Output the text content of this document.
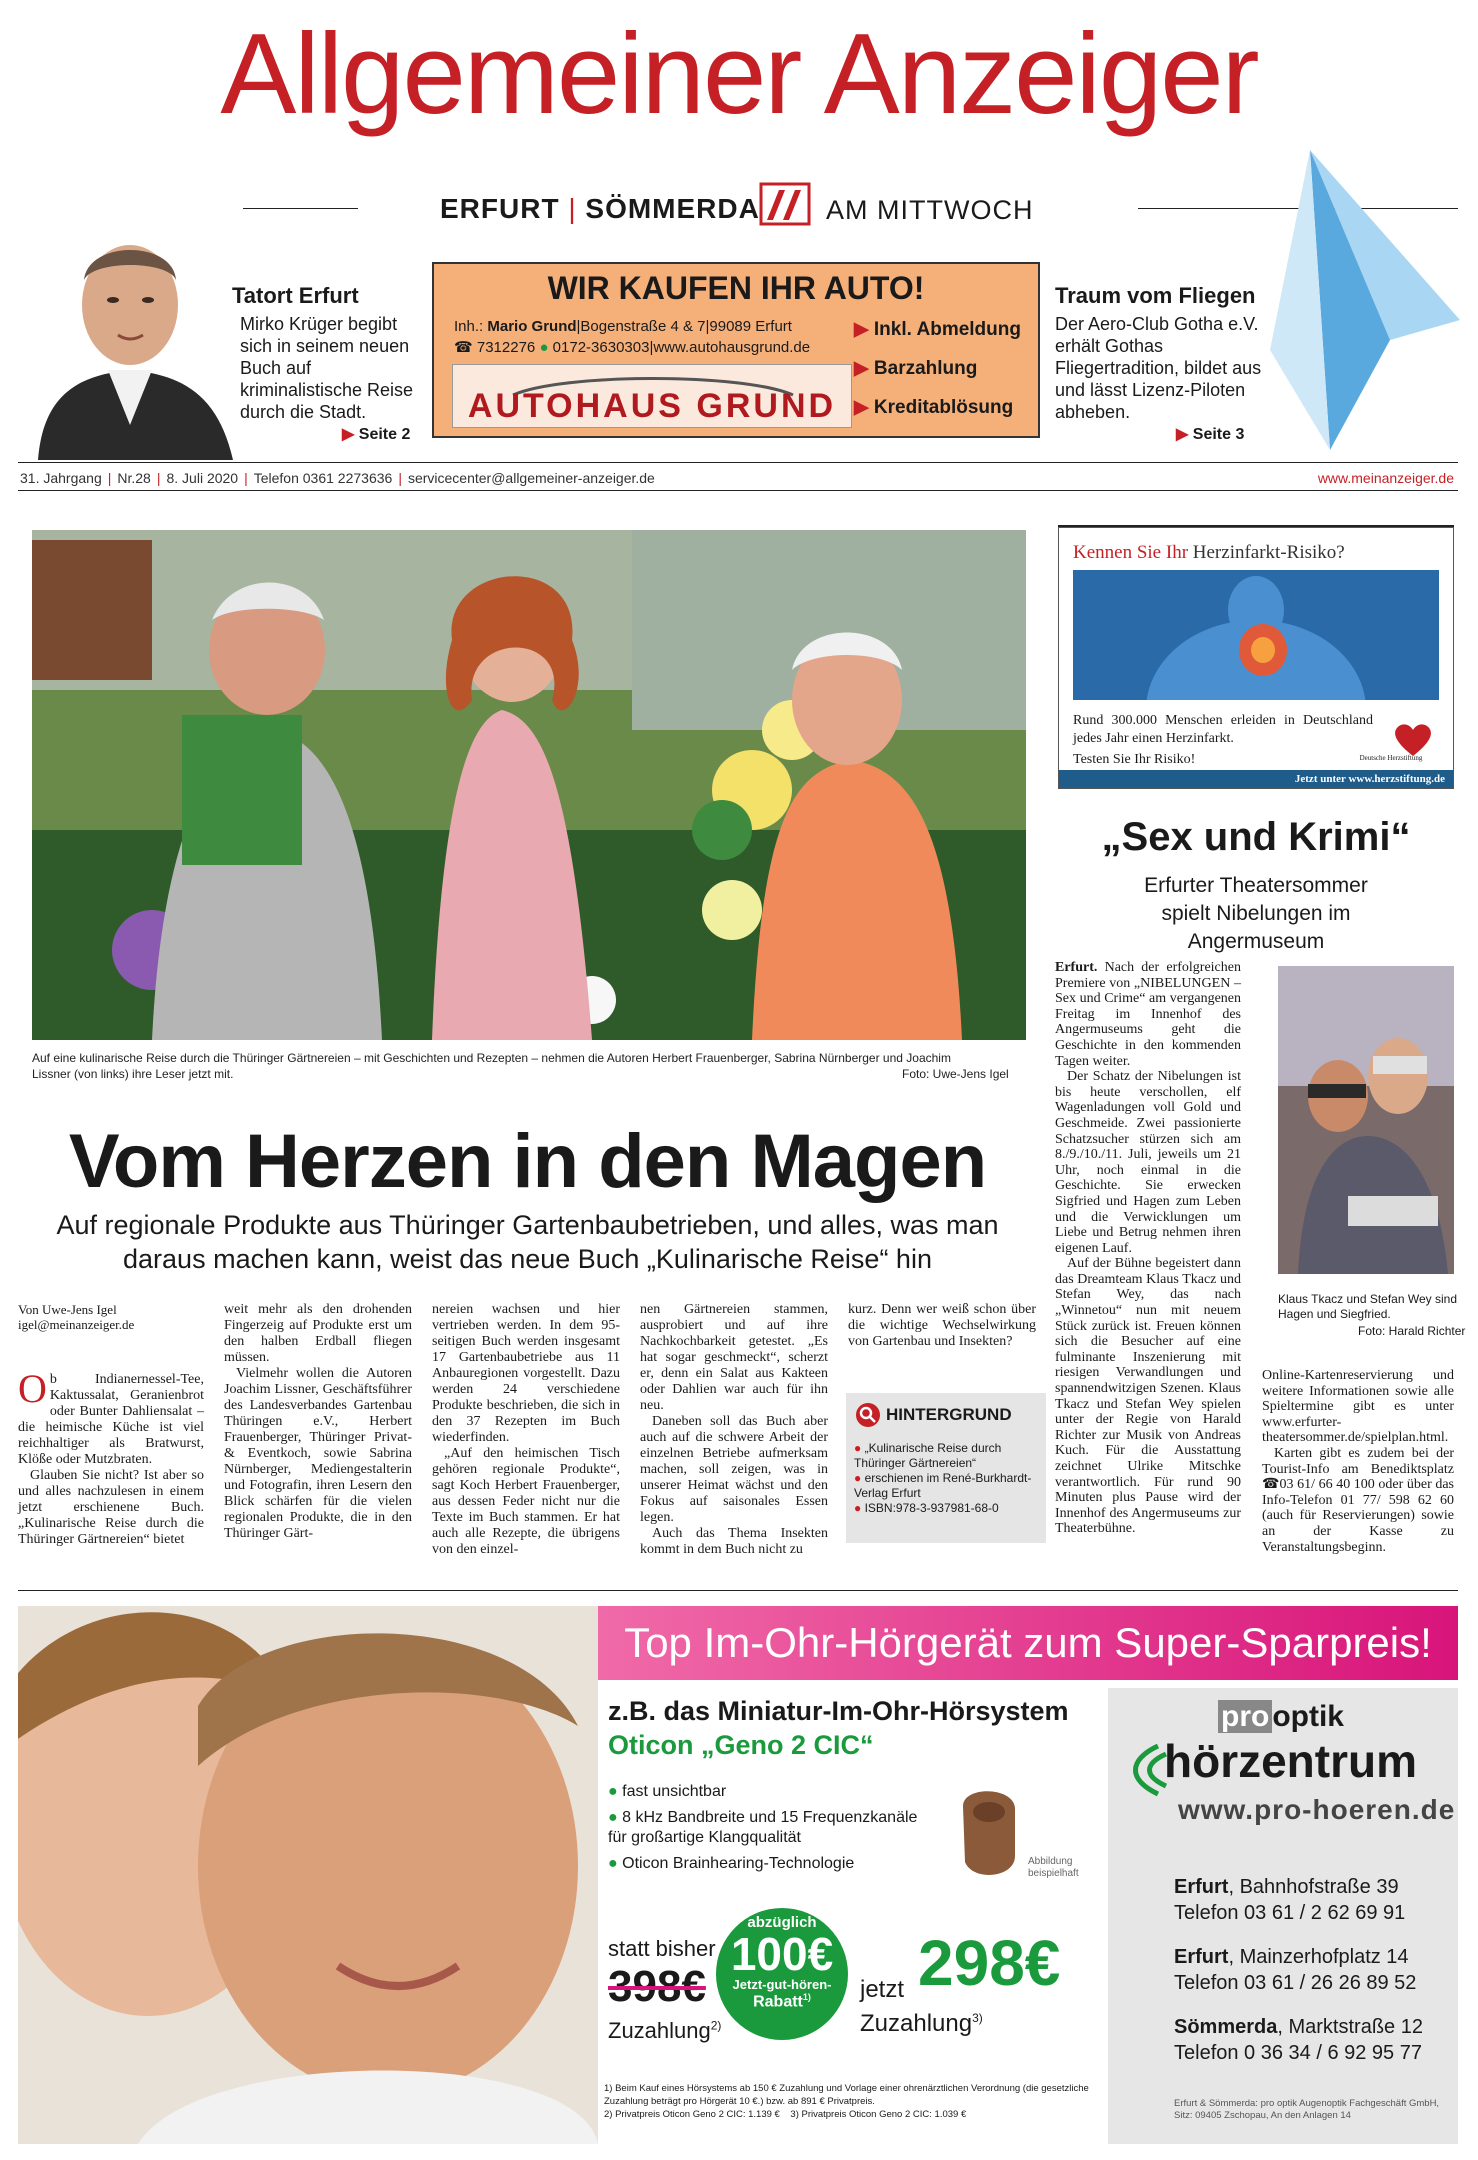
Allgemeiner Anzeiger
ERFURT | SÖMMERDA AM MITTWOCH
Tatort Erfurt
Mirko Krüger begibt sich in seinem neuen Buch auf kriminalistische Reise durch die Stadt.
▶ Seite 2
WIR KAUFEN IHR AUTO!
Inh.: Mario Grund|Bogenstraße 4 & 7|99089 Erfurt
☎ 7312276 ● 0172-3630303|www.autohausgrund.de
AUTOHAUS GRUND
▶ Inkl. Abmeldung
▶ Barzahlung
▶ Kreditablösung
Traum vom Fliegen
Der Aero-Club Gotha e.V. erhält Gothas Fliegertradition, bildet aus und lässt Lizenz-Piloten abheben.
▶ Seite 3
31. Jahrgang | Nr.28 | 8. Juli 2020 | Telefon 0361 2273636 | servicecenter@allgemeiner-anzeiger.de	www.meinanzeiger.de
Auf eine kulinarische Reise durch die Thüringer Gärtnereien – mit Geschichten und Rezepten – nehmen die Autoren Herbert Frauenberger, Sabrina Nürnberger und Joachim Lissner (von links) ihre Leser jetzt mit.	Foto: Uwe-Jens Igel
Vom Herzen in den Magen
Auf regionale Produkte aus Thüringer Gartenbaubetrieben, und alles, was man daraus machen kann, weist das neue Buch „Kulinarische Reise“ hin
Von Uwe-Jens Igel
igel@meinanzeiger.de

Ob Indianernessel-Tee, Kaktussalat, Geranienbrot oder Bunter Dahliensalat – die heimische Küche ist viel reichhaltiger als Bratwurst, Klöße oder Mutzbraten.

Glauben Sie nicht? Ist aber so und alles nachzulesen in einem jetzt erschienene Buch. „Kulinarische Reise durch die Thüringer Gärtnereien“ bietet

weit mehr als den drohenden Fingerzeig auf Produkte erst um den halben Erdball fliegen müssen.

Vielmehr wollen die Autoren Joachim Lissner, Geschäftsführer des Landesverbandes Gartenbau Thüringen e.V., Herbert Frauenberger, Thüringer Privat- & Eventkoch, sowie Sabrina Nürnberger, Mediengestalterin und Fotografin, ihren Lesern den Blick schärfen für die vielen regionalen Produkte, die in den Thüringer Gärt-

nereien wachsen und hier vertrieben werden. In dem 95-seitigen Buch werden insgesamt 17 Gartenbaubetriebe aus 11 Anbauregionen vorgestellt. Dazu werden 24 verschiedene Produkte beschrieben, die sich in den 37 Rezepten im Buch wiederfinden.

„Auf den heimischen Tisch gehören regionale Produkte“, sagt Koch Herbert Frauenberger, aus dessen Feder nicht nur die Texte im Buch stammen. Er hat auch alle Rezepte, die übrigens von den einzel-

nen Gärtnereien stammen, ausprobiert und auf ihre Nachkochbarkeit getestet. „Es hat sogar geschmeckt“, scherzt er, denn ein Salat aus Kakteen oder Dahlien war auch für ihn neu.

Daneben soll das Buch aber auch auf die schwere Arbeit der einzelnen Betriebe aufmerksam machen, soll zeigen, was in unserer Heimat wächst und den Fokus auf saisonales Essen legen.

Auch das Thema Insekten kommt in dem Buch nicht zu

kurz. Denn wer weiß schon über die wichtige Wechselwirkung von Gartenbau und Insekten?

HINTERGRUND
● „Kulinarische Reise durch Thüringer Gärtnereien“
● erschienen im René-Burkhardt-Verlag Erfurt
● ISBN:978-3-937981-68-0
Kennen Sie Ihr Herzinfarkt-Risiko?
Rund 300.000 Menschen erleiden in Deutschland jedes Jahr einen Herzinfarkt.
Testen Sie Ihr Risiko!	Deutsche Herzstiftung
Jetzt unter www.herzstiftung.de
„Sex und Krimi“
Erfurter Theatersommer spielt Nibelungen im Angermuseum

Erfurt. Nach der erfolgreichen Premiere von „NIBELUNGEN – Sex und Crime“ am vergangenen Freitag im Innenhof des Angermuseums geht die Geschichte in den kommenden Tagen weiter.

Der Schatz der Nibelungen ist bis heute verschollen, elf Wagenladungen voll Gold und Geschmeide. Zwei passionierte Schatzsucher stürzen sich am 8./9./10./11. Juli, jeweils um 21 Uhr, noch einmal in die Geschichte. Sie erwecken Sigfried und Hagen zum Leben und die Verwicklungen um Liebe und Betrug nehmen ihren eigenen Lauf.

Auf der Bühne begeistert dann das Dreamteam Klaus Tkacz und Stefan Wey, das nach „Winnetou“ nun mit neuem Stück zurück ist. Freuen können sich die Besucher auf eine fulminante Inszenierung mit riesigen Verwandlungen und spannendwitzigen Szenen. Klaus Tkacz und Stefan Wey spielen unter der Regie von Harald Richter zur Musik von Andreas Kuch. Für die Ausstattung zeichnet Ulrike Mitschke verantwortlich. Für rund 90 Minuten plus Pause wird der Innenhof des Angermuseums zur Theaterbühne.

Klaus Tkacz und Stefan Wey sind Hagen und Siegfried.
Foto: Harald Richter

Online-Kartenreservierung und weitere Informationen sowie alle Spieltermine gibt es unter www.erfurter-theatersommer.de/spielplan.html.

Karten gibt es zudem bei der Tourist-Info am Benediktsplatz ☎03 61/ 66 40 100 oder über das Info-Telefon 01 77/ 598 62 60 (auch für Reservierungen) sowie an der Kasse zu Veranstaltungsbeginn.

Top Im-Ohr-Hörgerät zum Super-Sparpreis!
z.B. das Miniatur-Im-Ohr-Hörsystem
Oticon „Geno 2 CIC“
● fast unsichtbar
● 8 kHz Bandbreite und 15 Frequenzkanäle für großartige Klangqualität
● Oticon Brainhearing-Technologie	Abbildung beispielhaft
statt bisher
398€
Zuzahlung$^{2)}$
abzüglich
100€
Jetzt-gut-hören-
Rabatt$^{1)}$	jetzt 298€
Zuzahlung$^{3)}$
1) Beim Kauf eines Hörsystems ab 150 € Zuzahlung und Vorlage einer ohrenärztlichen Verordnung (die gesetzliche Zuzahlung beträgt pro Hörgerät 10 €.) bzw. ab 891 € Privatpreis.
2) Privatpreis Oticon Geno 2 CIC: 1.139 € 3) Privatpreis Oticon Geno 2 CIC: 1.039 €
pro optik
hörzentrum
www.pro-hoeren.de
Erfurt, Bahnhofstraße 39
Telefon 03 61 / 2 62 69 91
Erfurt, Mainzerhofplatz 14
Telefon 03 61 / 26 26 89 52
Sömmerda, Marktstraße 12
Telefon 0 36 34 / 6 92 95 77
Erfurt & Sömmerda: pro optik Augenoptik Fachgeschäft GmbH, Sitz: 09405 Zschopau, An den Anlagen 14
